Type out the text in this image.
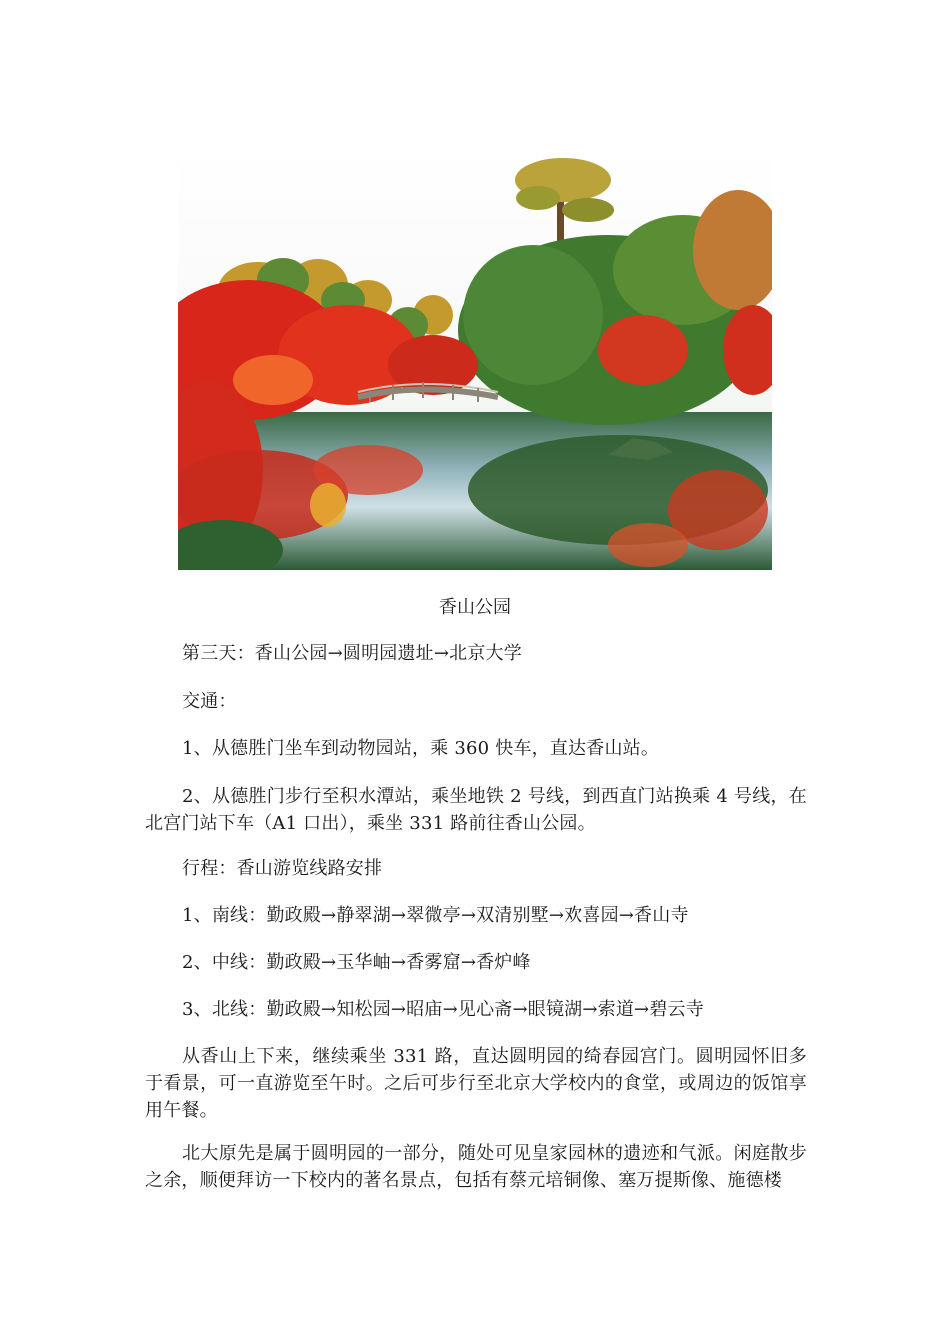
香山公园

第三天：香山公园→圆明园遗址→北京大学

交通：

1、从德胜门坐车到动物园站，乘 360 快车，直达香山站。

2、从德胜门步行至积水潭站，乘坐地铁 2 号线，到西直门站换乘 4 号线，在北宫门站下车（A1 口出），乘坐 331 路前往香山公园。

行程：香山游览线路安排

1、南线：勤政殿→静翠湖→翠微亭→双清别墅→欢喜园→香山寺

2、中线：勤政殿→玉华岫→香雾窟→香炉峰

3、北线：勤政殿→知松园→昭庙→见心斋→眼镜湖→索道→碧云寺

从香山上下来，继续乘坐 331 路，直达圆明园的绮春园宫门。圆明园怀旧多于看景，可一直游览至午时。之后可步行至北京大学校内的食堂，或周边的饭馆享用午餐。

北大原先是属于圆明园的一部分，随处可见皇家园林的遗迹和气派。闲庭散步之余，顺便拜访一下校内的著名景点，包括有蔡元培铜像、塞万提斯像、施德楼
